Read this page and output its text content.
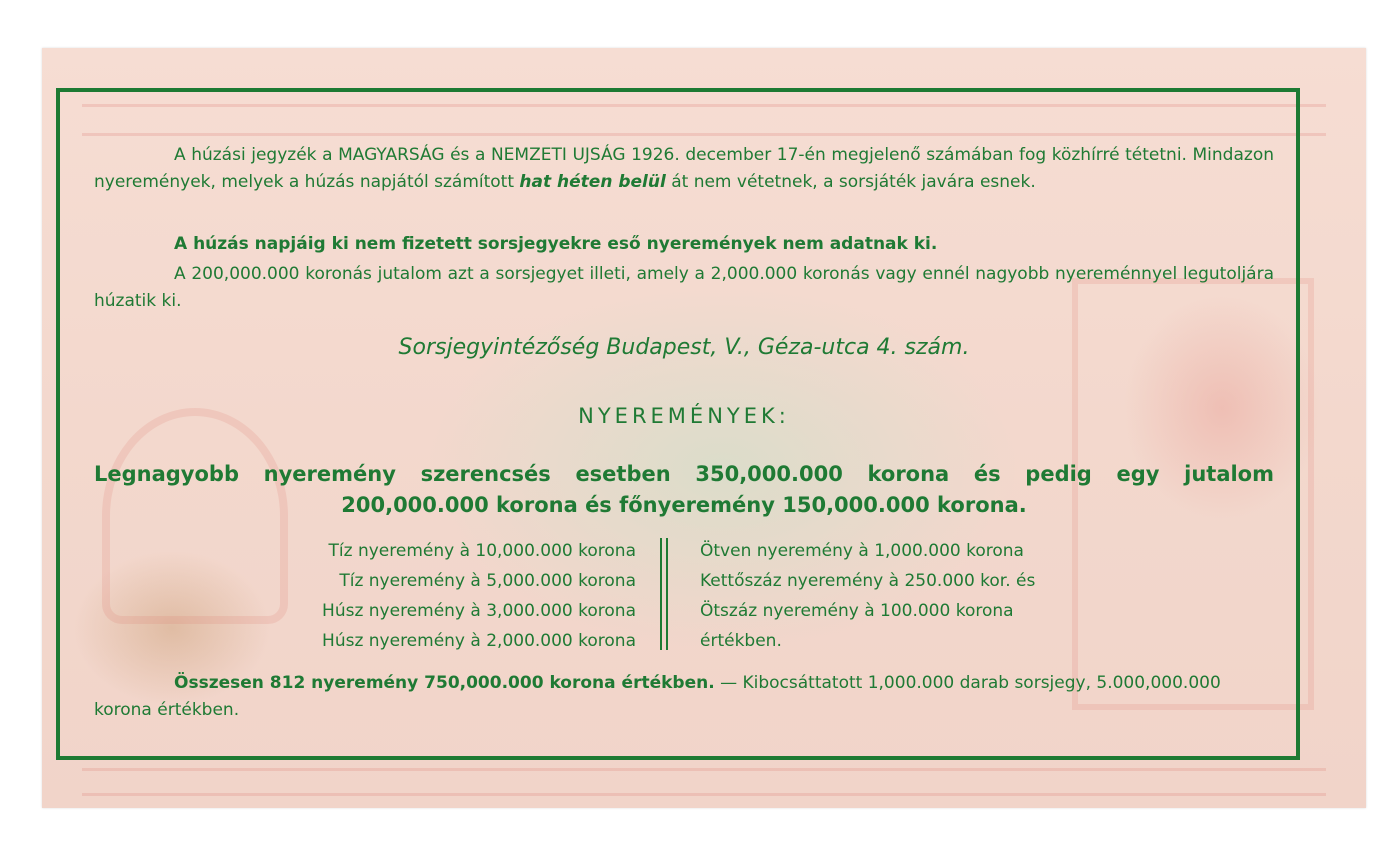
A húzási jegyzék a MAGYARSÁG és a NEMZETI UJSÁG 1926. december 17-én megjelenő számában fog közhírré tétetni. Mindazon nyeremények, melyek a húzás napjától számított hat héten belül át nem vétetnek, a sorsjáték javára esnek.
A húzás napjáig ki nem fizetett sorsjegyekre eső nyeremények nem adatnak ki.
A 200,000.000 koronás jutalom azt a sorsjegyet illeti, amely a 2,000.000 koronás vagy ennél nagyobb nyereménnyel legutoljára húzatik ki.
Sorsjegyintézőség Budapest, V., Géza-utca 4. szám.
NYEREMÉNYEK:
Legnagyobb nyeremény szerencsés esetben 350,000.000 korona és pedig egy jutalom
200,000.000 korona és főnyeremény 150,000.000 korona.
Tíz nyeremény à 10,000.000 korona
Tíz nyeremény à 5,000.000 korona
Húsz nyeremény à 3,000.000 korona
Húsz nyeremény à 2,000.000 korona
Ötven nyeremény à 1,000.000 korona
Kettőszáz nyeremény à 250.000 kor. és
Ötszáz nyeremény à 100.000 korona
értékben.
Összesen 812 nyeremény 750,000.000 korona értékben. — Kibocsáttatott 1,000.000 darab sorsjegy, 5.000,000.000 korona értékben.
